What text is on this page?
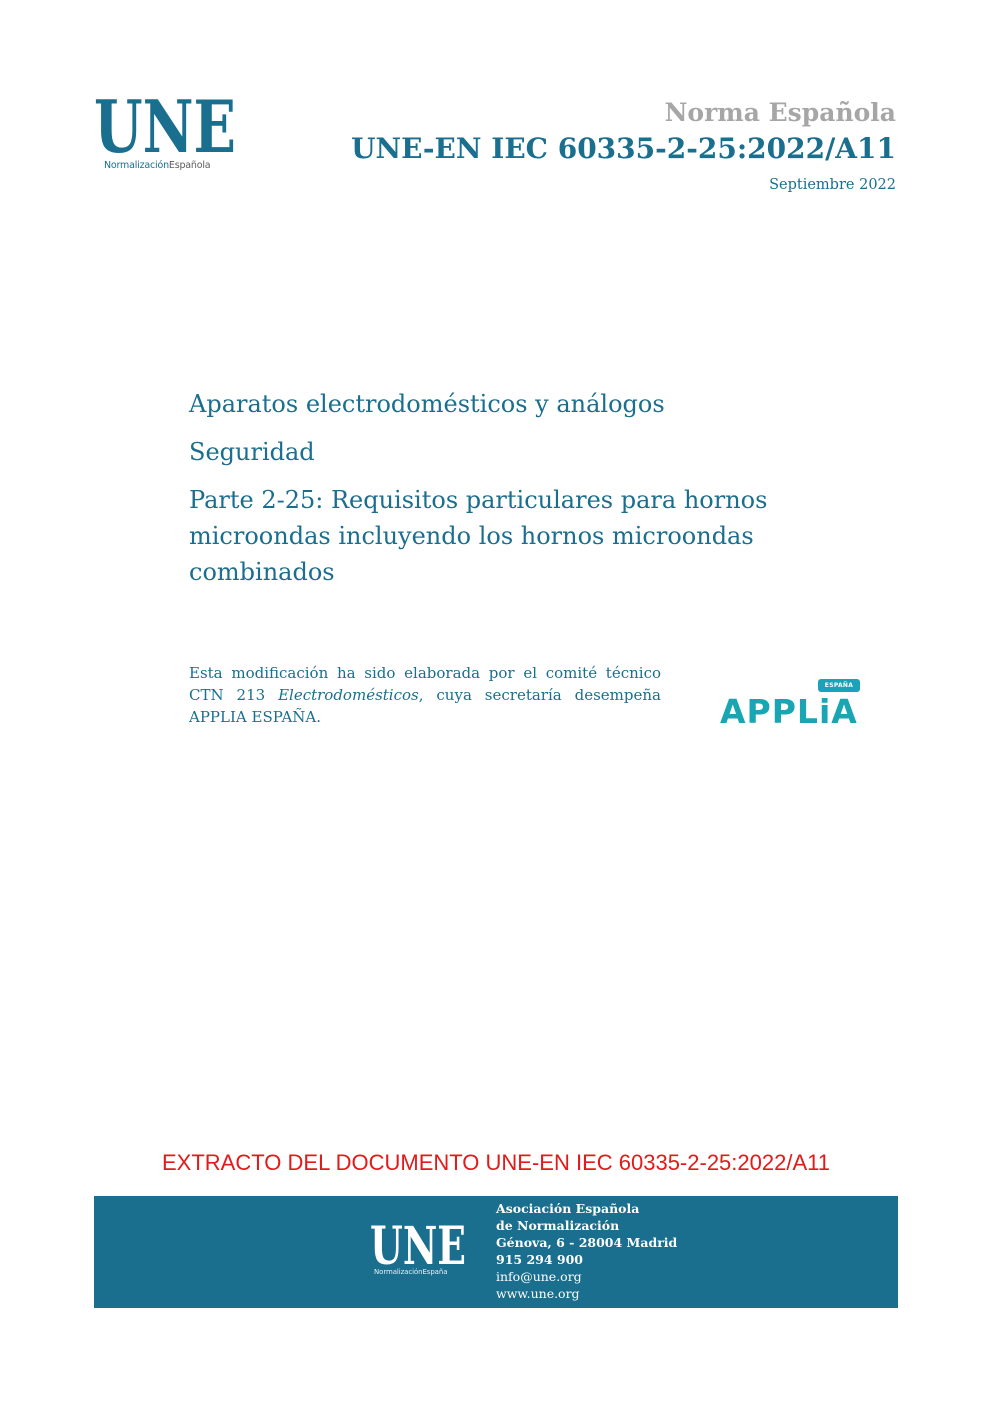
UNE
NormalizaciónEspañola
Norma Española
UNE-EN IEC 60335-2-25:2022/A11
Septiembre 2022

Aparatos electrodomésticos y análogos

Seguridad

Parte 2-25: Requisitos particulares para hornos microondas incluyendo los hornos microondas combinados

Esta modificación ha sido elaborada por el comité técnico CTN 213 Electrodomésticos, cuya secretaría desempeña APPLIA ESPAÑA.
ESPAÑA
APPLiA
EXTRACTO DEL DOCUMENTO UNE-EN IEC 60335-2-25:2022/A11
UNE
NormalizaciónEspaña
Asociación Española
de Normalización
Génova, 6 - 28004 Madrid
915 294 900
info@une.org
www.une.org
